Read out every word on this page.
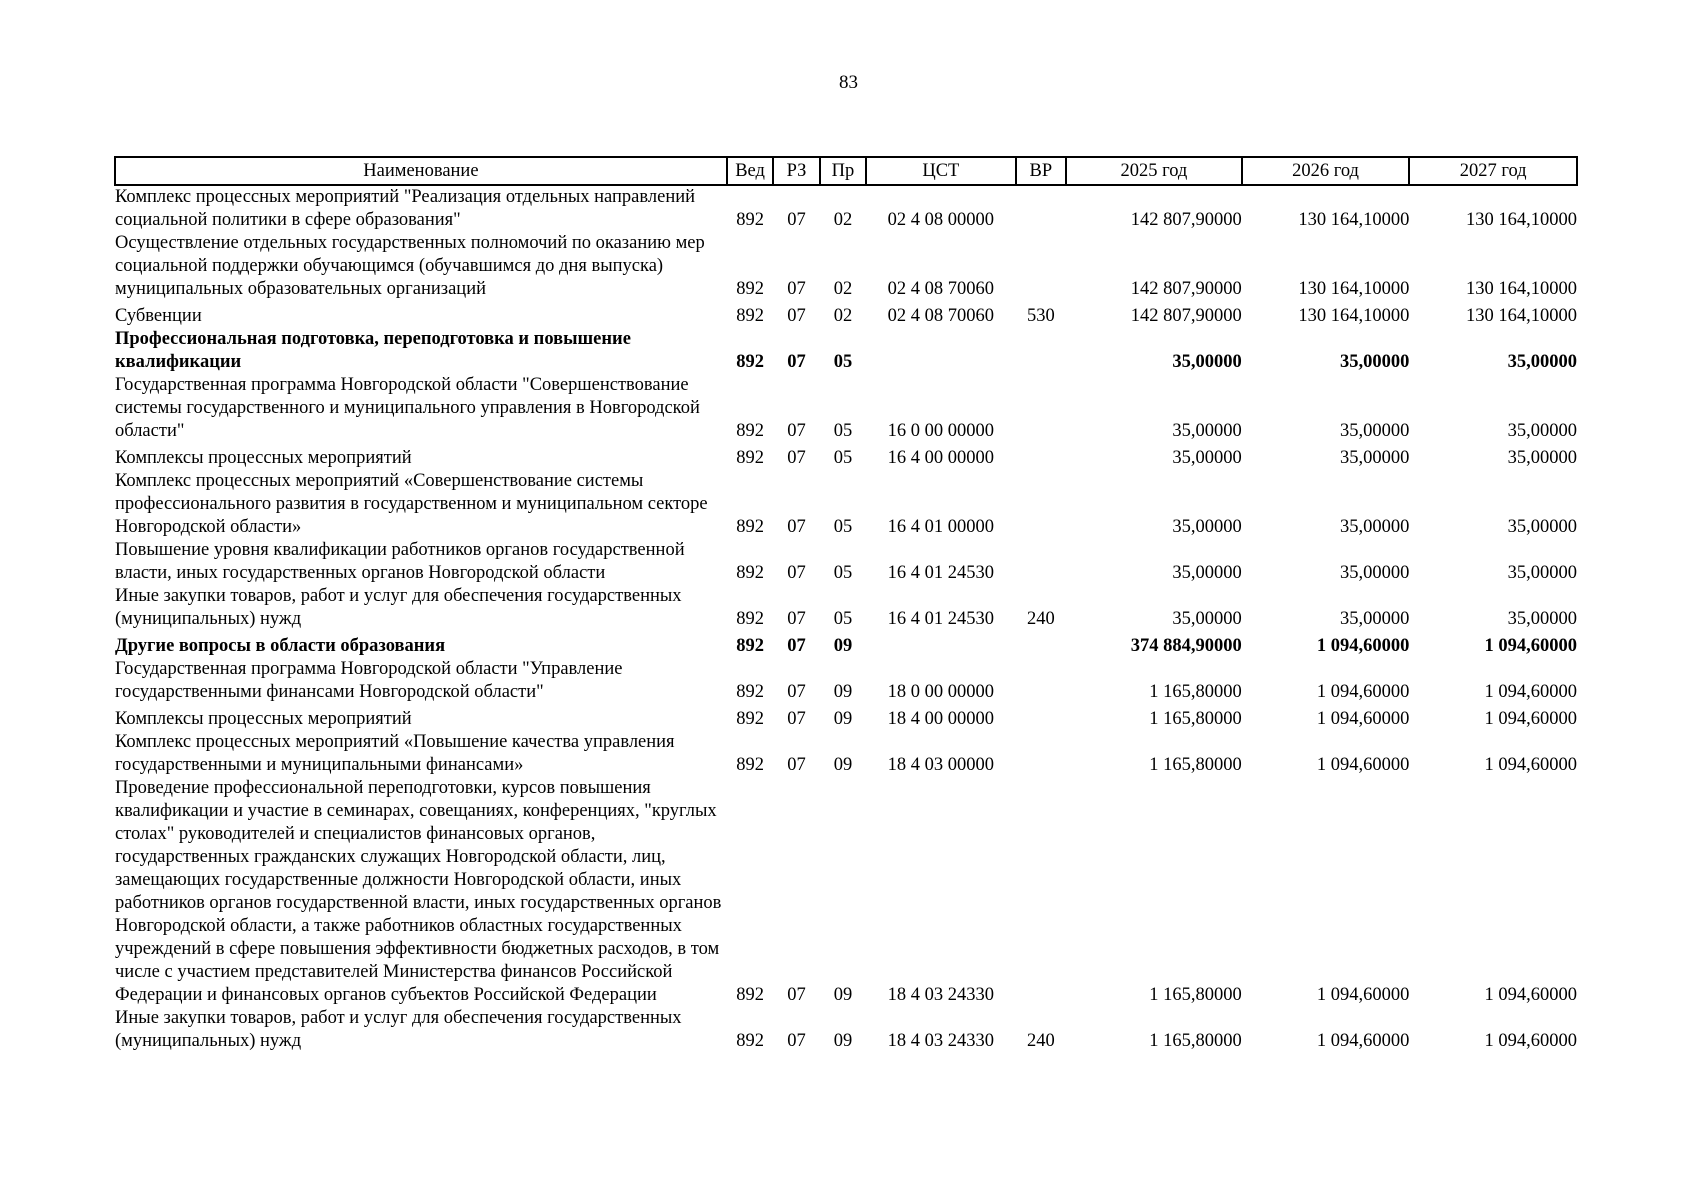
83
Наименование	Вед	РЗ	Пр	ЦСТ	ВР	2025 год	2026 год	2027 год
Комплекс процессных мероприятий "Реализация отдельных направлений социальной политики в сфере образования"	892	07	02	02 4 08 00000		142 807,90000	130 164,10000	130 164,10000
Осуществление отдельных государственных полномочий по оказанию мер социальной поддержки обучающимся (обучавшимся до дня выпуска) муниципальных образовательных организаций	892	07	02	02 4 08 70060		142 807,90000	130 164,10000	130 164,10000
Субвенции	892	07	02	02 4 08 70060	530	142 807,90000	130 164,10000	130 164,10000
Профессиональная подготовка, переподготовка и повышение квалификации	892	07	05			35,00000	35,00000	35,00000
Государственная программа Новгородской области "Совершенствование системы государственного и муниципального управления в Новгородской области"	892	07	05	16 0 00 00000		35,00000	35,00000	35,00000
Комплексы процессных мероприятий	892	07	05	16 4 00 00000		35,00000	35,00000	35,00000
Комплекс процессных мероприятий «Совершенствование системы профессионального развития в государственном и муниципальном секторе Новгородской области»	892	07	05	16 4 01 00000		35,00000	35,00000	35,00000
Повышение уровня квалификации работников органов государственной власти, иных государственных органов Новгородской области	892	07	05	16 4 01 24530		35,00000	35,00000	35,00000
Иные закупки товаров, работ и услуг для обеспечения государственных (муниципальных) нужд	892	07	05	16 4 01 24530	240	35,00000	35,00000	35,00000
Другие вопросы в области образования	892	07	09			374 884,90000	1 094,60000	1 094,60000
Государственная программа Новгородской области "Управление государственными финансами Новгородской области"	892	07	09	18 0 00 00000		1 165,80000	1 094,60000	1 094,60000
Комплексы процессных мероприятий	892	07	09	18 4 00 00000		1 165,80000	1 094,60000	1 094,60000
Комплекс процессных мероприятий «Повышение качества управления государственными и муниципальными финансами»	892	07	09	18 4 03 00000		1 165,80000	1 094,60000	1 094,60000
Проведение профессиональной переподготовки, курсов повышения квалификации и участие в семинарах, совещаниях, конференциях, "круглых столах" руководителей и специалистов финансовых органов, государственных гражданских служащих Новгородской области, лиц, замещающих государственные должности Новгородской области, иных работников органов государственной власти, иных государственных органов Новгородской области, а также работников областных государственных учреждений в сфере повышения эффективности бюджетных расходов, в том числе с участием представителей Министерства финансов Российской Федерации и финансовых органов субъектов Российской Федерации	892	07	09	18 4 03 24330		1 165,80000	1 094,60000	1 094,60000
Иные закупки товаров, работ и услуг для обеспечения государственных (муниципальных) нужд	892	07	09	18 4 03 24330	240	1 165,80000	1 094,60000	1 094,60000
